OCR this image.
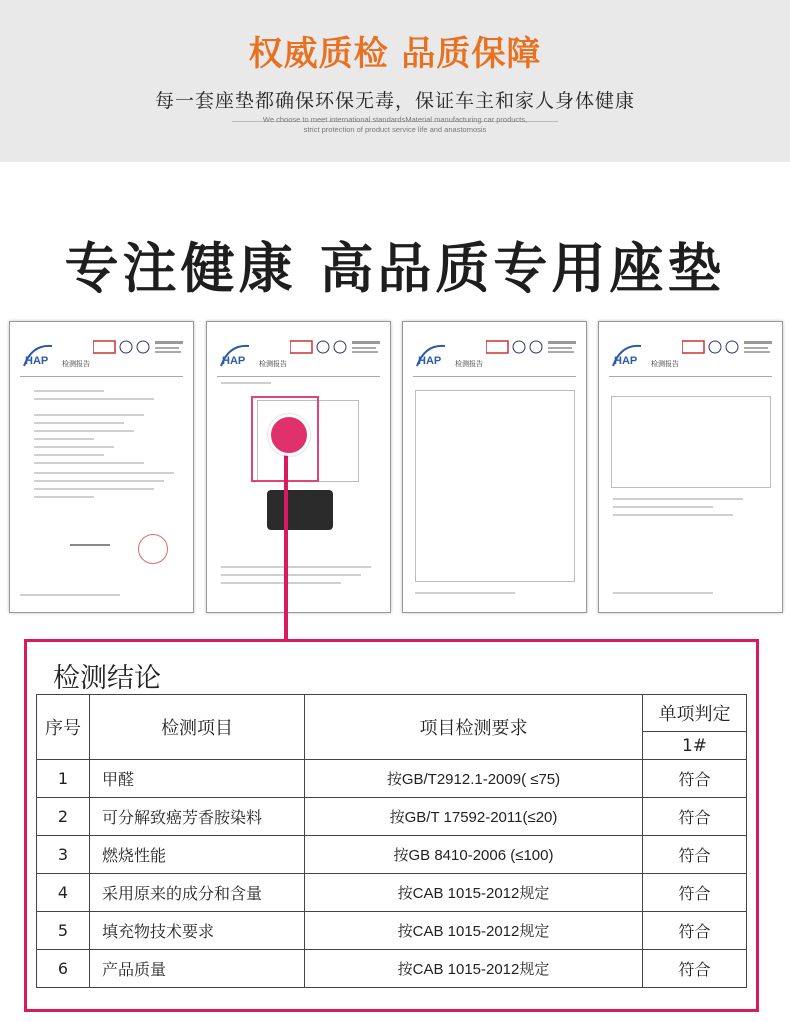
权威质检 品质保障
每一套座垫都确保环保无毒，保证车主和家人身体健康
We choose to meet international standardsMaterial manufacturing car products,
strict protection of product service life and anastomosis
专注健康 高品质专用座垫
HAP 检测报告	HAP 检测报告	HAP 检测报告	HAP 检测报告
检测结论
序号	检测项目	项目检测要求	单项判定
			1#
1	甲醛	按GB/T2912.1-2009( ≤75)	符合
2	可分解致癌芳香胺染料	按GB/T 17592-2011(≤20)	符合
3	燃烧性能	按GB 8410-2006 (≤100)	符合
4	采用原来的成分和含量	按CAB 1015-2012规定	符合
5	填充物技术要求	按CAB 1015-2012规定	符合
6	产品质量	按CAB 1015-2012规定	符合
